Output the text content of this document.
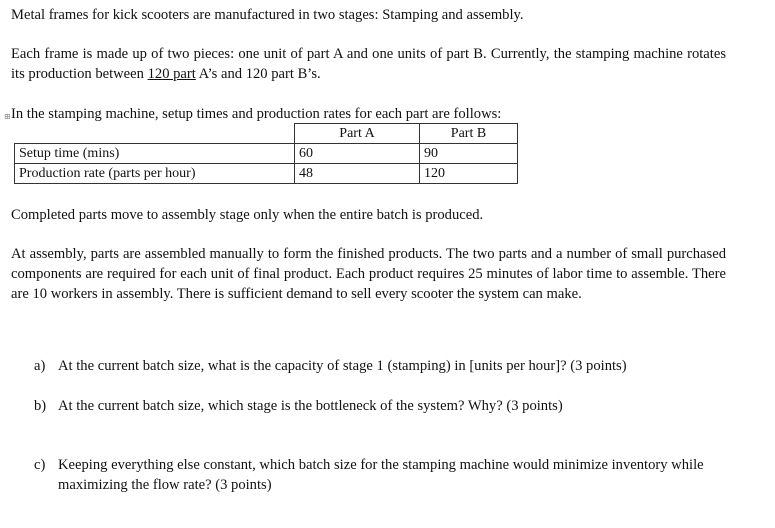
Metal frames for kick scooters are manufactured in two stages: Stamping and assembly.
Each frame is made up of two pieces: one unit of part A and one units of part B. Currently, the stamping machine rotates its production between 120 part A’s and 120 part B’s.
⊞ In the stamping machine, setup times and production rates for each part are follows:
	Part A	Part B
Setup time (mins)	60	90
Production rate (parts per hour)	48	120
Completed parts move to assembly stage only when the entire batch is produced.
At assembly, parts are assembled manually to form the finished products. The two parts and a number of small purchased components are required for each unit of final product. Each product requires 25 minutes of labor time to assemble. There are 10 workers in assembly. There is sufficient demand to sell every scooter the system can make.
a) At the current batch size, what is the capacity of stage 1 (stamping) in [units per hour]? (3 points)
b) At the current batch size, which stage is the bottleneck of the system? Why? (3 points)
c) Keeping everything else constant, which batch size for the stamping machine would minimize inventory while maximizing the flow rate? (3 points)
